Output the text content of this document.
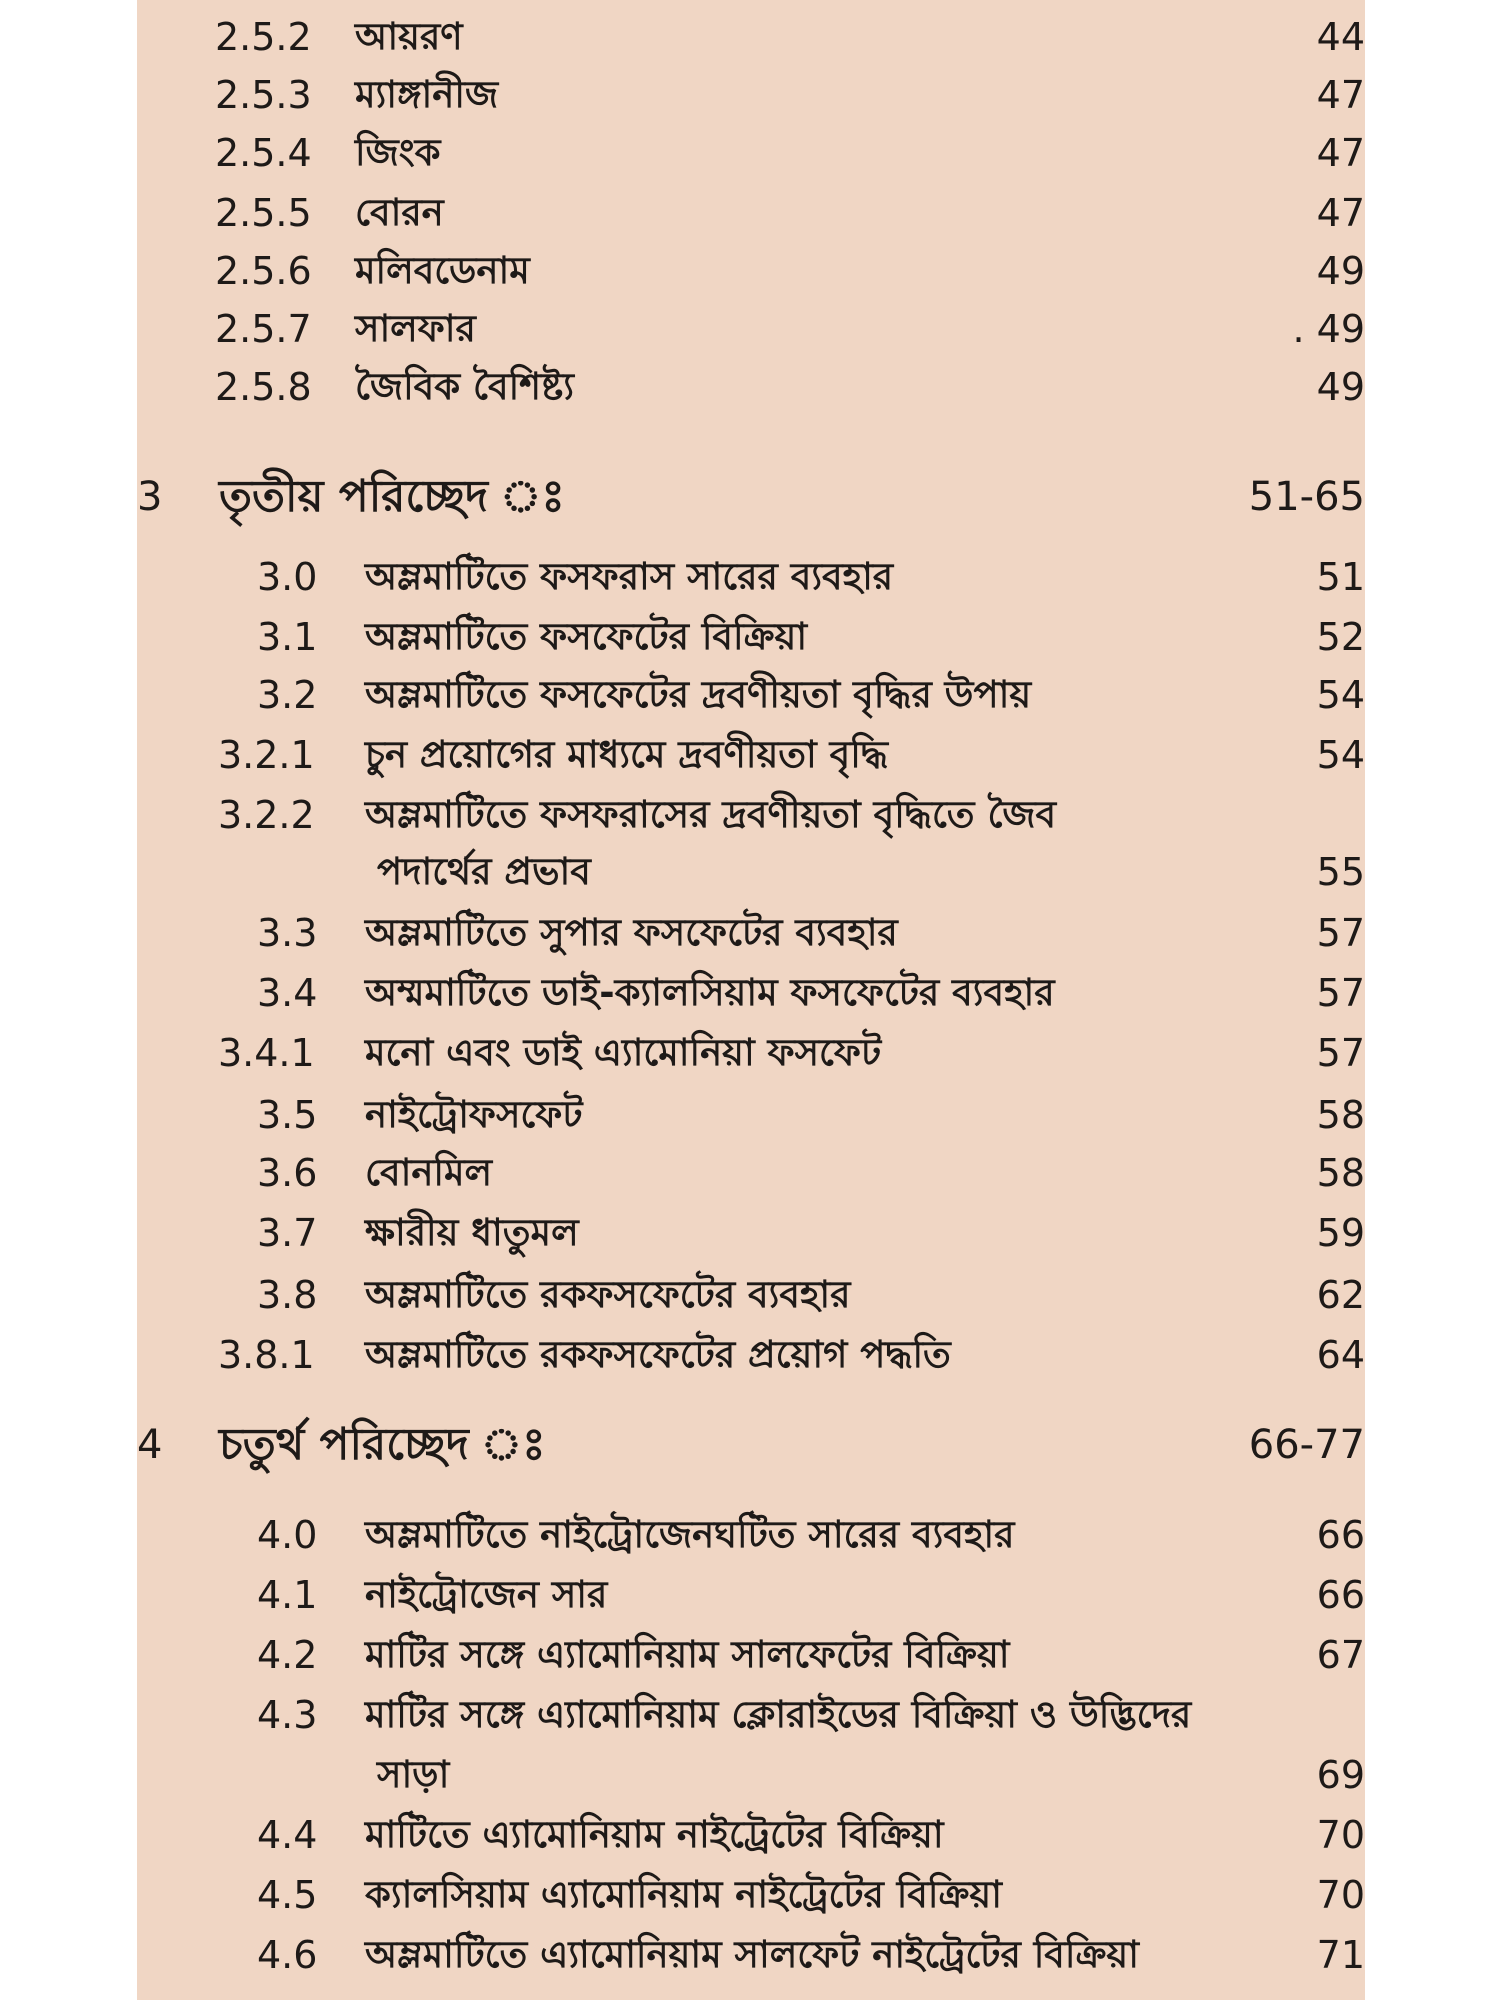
2.5.2 আয়রণ	44
2.5.3 ম্যাঙ্গানীজ	47
2.5.4 জিংক	47
2.5.5 বোরন	47
2.5.6 মলিবডেনাম	49
2.5.7 সালফার	. 49
2.5.8 জৈবিক বৈশিষ্ট্য	49
3 তৃতীয় পরিচ্ছেদ ঃ	51-65
3.0 অম্লমাটিতে ফসফরাস সারের ব্যবহার	51
3.1 অম্লমাটিতে ফসফেটের বিক্রিয়া	52
3.2 অম্লমাটিতে ফসফেটের দ্রবণীয়তা বৃদ্ধির উপায়	54
3.2.1 চুন প্রয়োগের মাধ্যমে দ্রবণীয়তা বৃদ্ধি	54
3.2.2 অম্লমাটিতে ফসফরাসের দ্রবণীয়তা বৃদ্ধিতে জৈব
পদার্থের প্রভাব	55
3.3 অম্লমাটিতে সুপার ফসফেটের ব্যবহার	57
3.4 অম্মমাটিতে ডাই-ক্যালসিয়াম ফসফেটের ব্যবহার	57
3.4.1 মনো এবং ডাই এ্যামোনিয়া ফসফেট	57
3.5 নাইট্রোফসফেট	58
3.6 বোনমিল	58
3.7 ক্ষারীয় ধাতুমল	59
3.8 অম্লমাটিতে রকফসফেটের ব্যবহার	62
3.8.1 অম্লমাটিতে রকফসফেটের প্রয়োগ পদ্ধতি	64
4 চতুর্থ পরিচ্ছেদ ঃ	66-77
4.0 অম্লমাটিতে নাইট্রোজেনঘটিত সারের ব্যবহার	66
4.1 নাইট্রোজেন সার	66
4.2 মাটির সঙ্গে এ্যামোনিয়াম সালফেটের বিক্রিয়া	67
4.3 মাটির সঙ্গে এ্যামোনিয়াম ক্লোরাইডের বিক্রিয়া ও উদ্ভিদের
সাড়া	69
4.4 মাটিতে এ্যামোনিয়াম নাইট্রেটের বিক্রিয়া	70
4.5 ক্যালসিয়াম এ্যামোনিয়াম নাইট্রেটের বিক্রিয়া	70
4.6 অম্লমাটিতে এ্যামোনিয়াম সালফেট নাইট্রেটের বিক্রিয়া	71
